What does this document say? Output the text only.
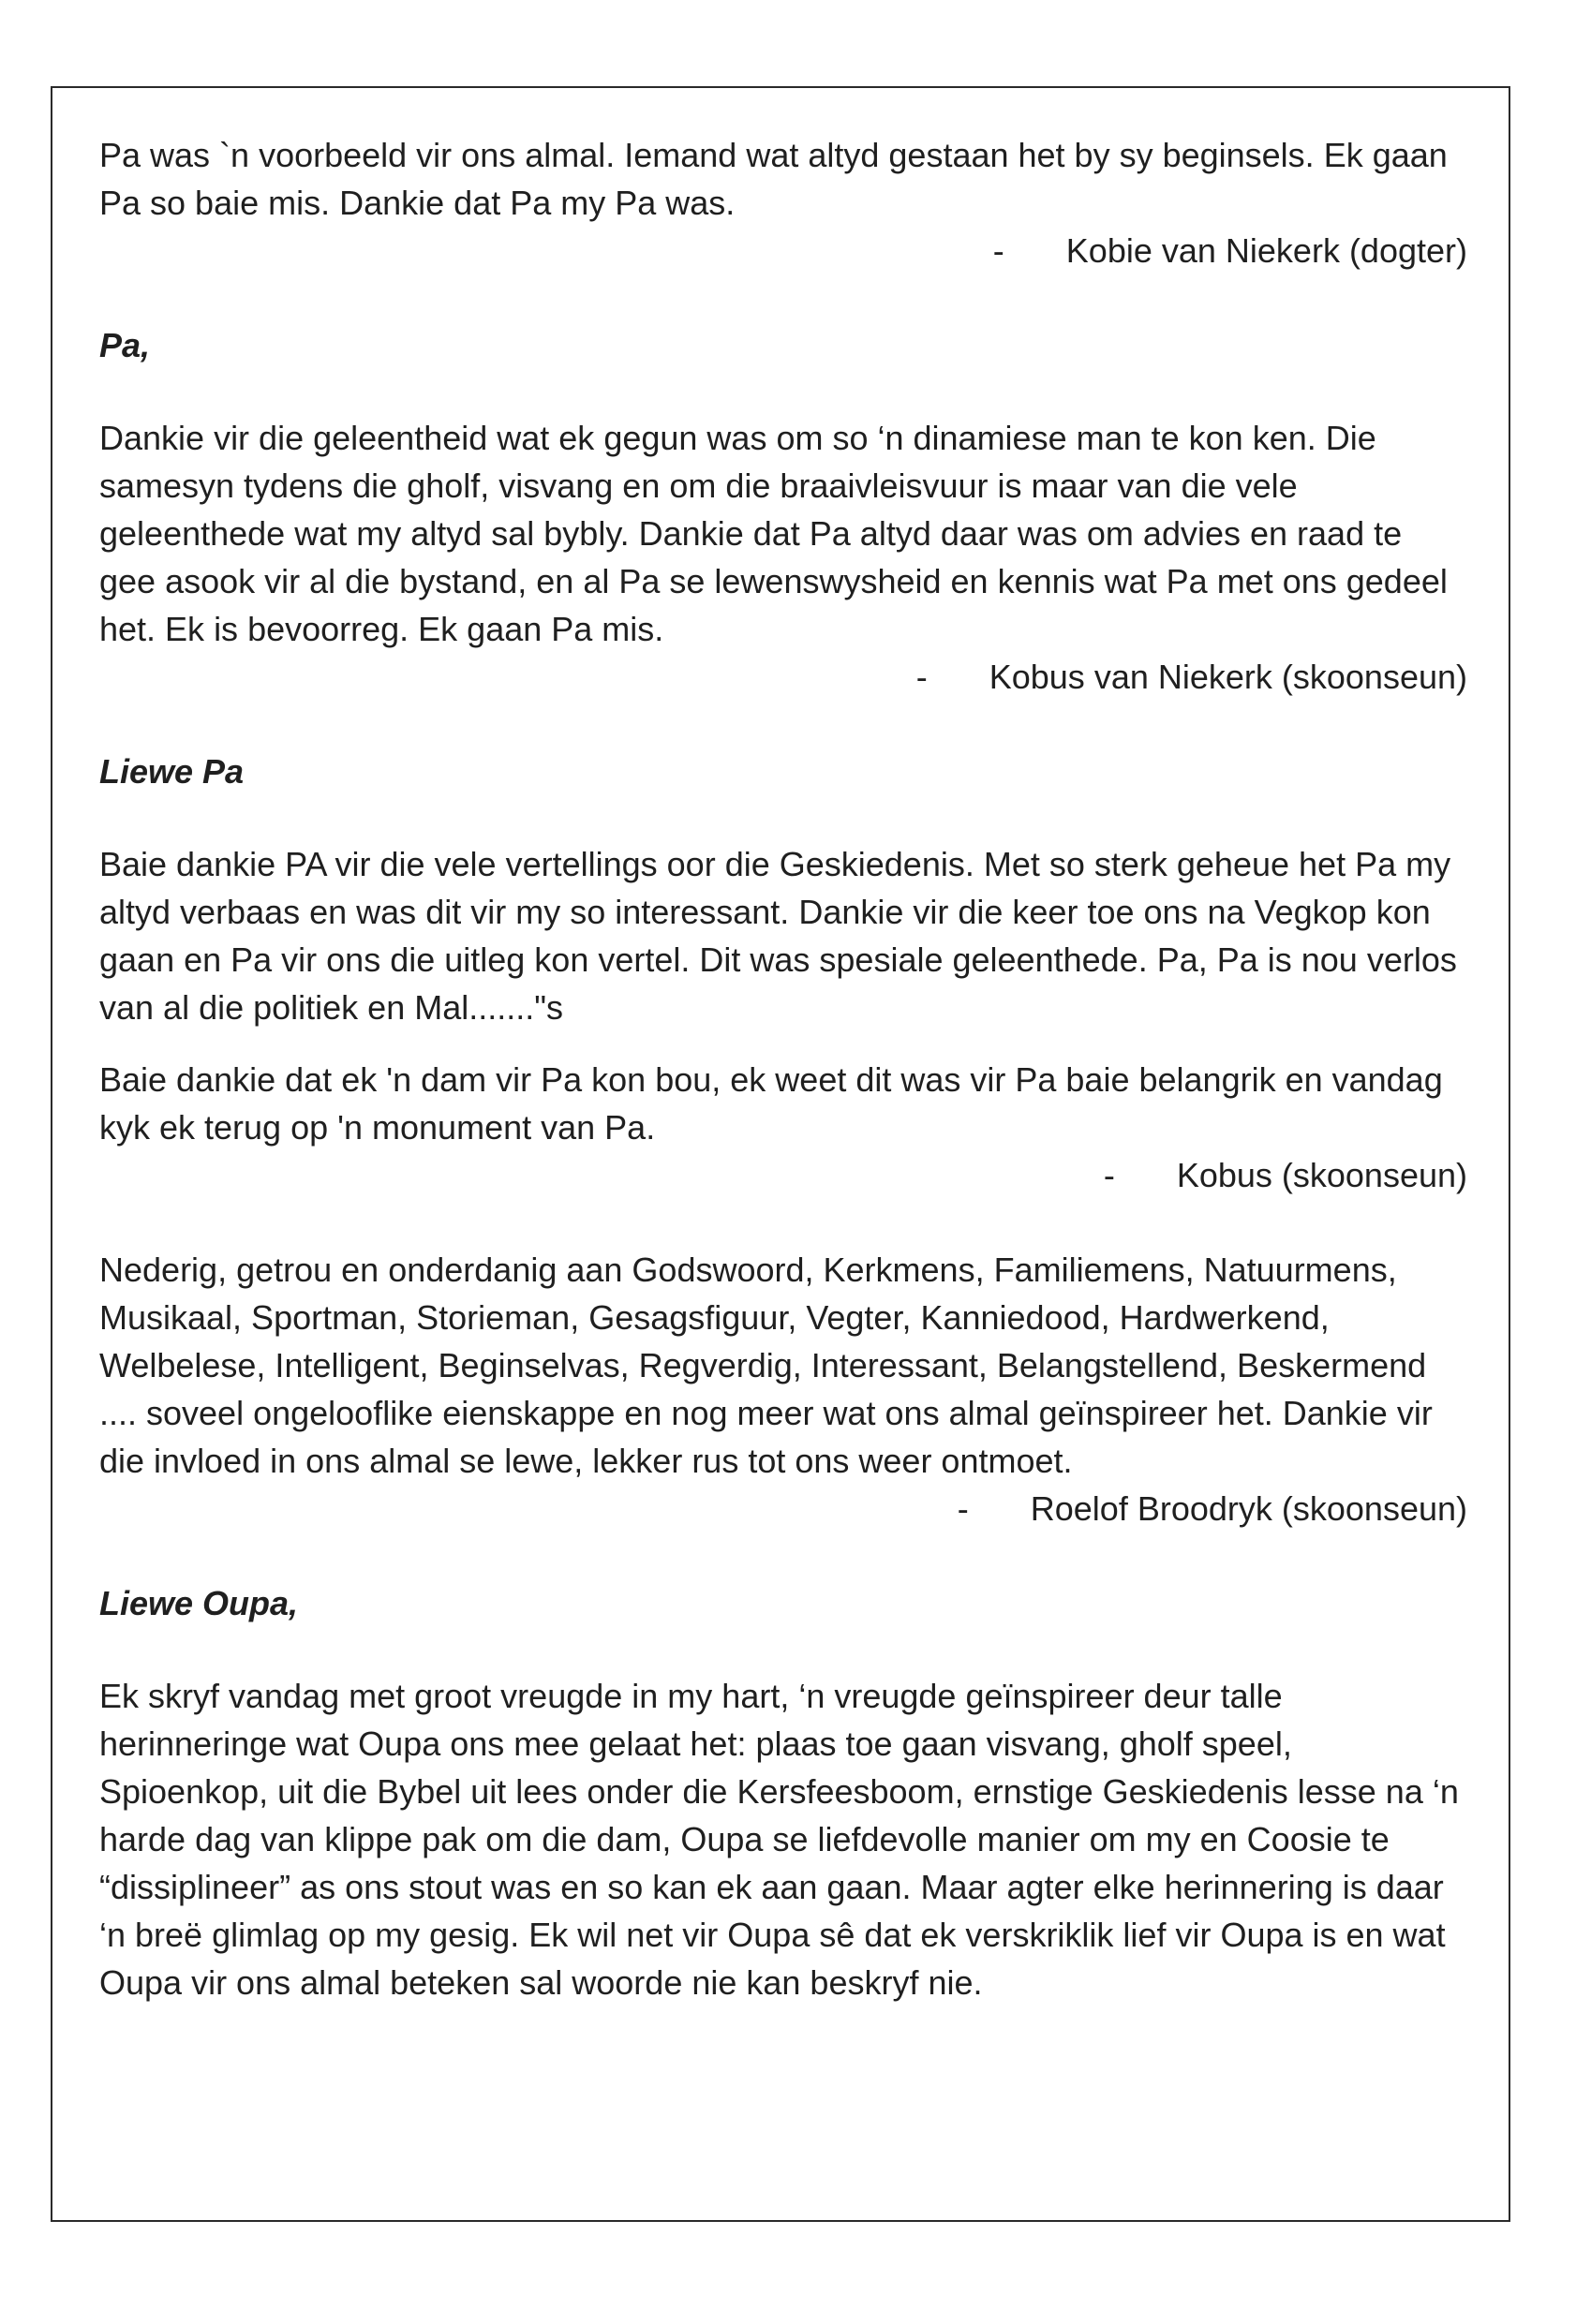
Pa was `n voorbeeld vir ons almal. Iemand wat altyd gestaan het by sy beginsels. Ek gaan Pa so baie mis. Dankie dat Pa my Pa was.

- Kobie van Niekerk (dogter)

Pa,

Dankie vir die geleentheid wat ek gegun was om so ‘n dinamiese man te kon ken. Die samesyn tydens die gholf, visvang en om die braaivleisvuur is maar van die vele geleenthede wat my altyd sal bybly. Dankie dat Pa altyd daar was om advies en raad te gee asook vir al die bystand, en al Pa se lewenswysheid en kennis wat Pa met ons gedeel het. Ek is bevoorreg. Ek gaan Pa mis.

- Kobus van Niekerk (skoonseun)

Liewe Pa

Baie dankie PA vir die vele vertellings oor die Geskiedenis. Met so sterk geheue het Pa my altyd verbaas en was dit vir my so interessant. Dankie vir die keer toe ons na Vegkop kon gaan en Pa vir ons die uitleg kon vertel. Dit was spesiale geleenthede. Pa, Pa is nou verlos van al die politiek en Mal......."s

Baie dankie dat ek 'n dam vir Pa kon bou, ek weet dit was vir Pa baie belangrik en vandag kyk ek terug op 'n monument van Pa.

- Kobus (skoonseun)

Nederig, getrou en onderdanig aan Godswoord, Kerkmens, Familiemens, Natuurmens, Musikaal, Sportman, Storieman, Gesagsfiguur, Vegter, Kanniedood, Hardwerkend, Welbelese, Intelligent, Beginselvas, Regverdig, Interessant, Belangstellend, Beskermend .... soveel ongelooflike eienskappe en nog meer wat ons almal geïnspireer het. Dankie vir die invloed in ons almal se lewe, lekker rus tot ons weer ontmoet.

- Roelof Broodryk (skoonseun)

Liewe Oupa,

Ek skryf vandag met groot vreugde in my hart, ‘n vreugde geïnspireer deur talle herinneringe wat Oupa ons mee gelaat het: plaas toe gaan visvang, gholf speel, Spioenkop, uit die Bybel uit lees onder die Kersfeesboom, ernstige Geskiedenis lesse na ‘n harde dag van klippe pak om die dam, Oupa se liefdevolle manier om my en Coosie te “dissiplineer” as ons stout was en so kan ek aan gaan. Maar agter elke herinnering is daar ‘n breë glimlag op my gesig. Ek wil net vir Oupa sê dat ek verskriklik lief vir Oupa is en wat Oupa vir ons almal beteken sal woorde nie kan beskryf nie.
